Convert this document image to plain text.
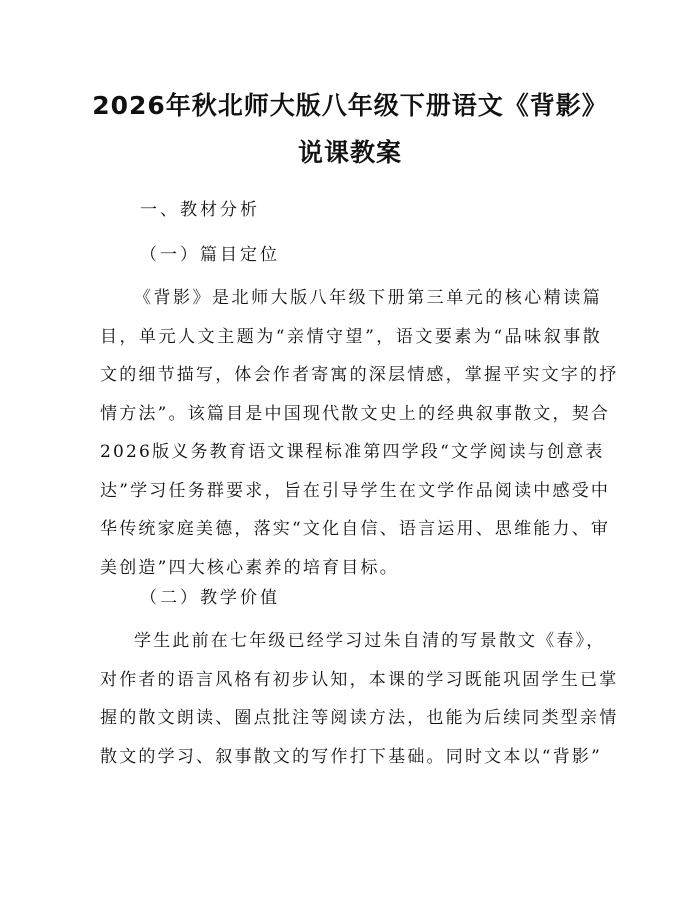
2026年秋北师大版八年级下册语文《背影》
说课教案
一、教材分析
（一）篇目定位
《背影》是北师大版八年级下册第三单元的核心精读篇
目，单元人文主题为“亲情守望”，语文要素为“品味叙事散
文的细节描写，体会作者寄寓的深层情感，掌握平实文字的抒
情方法”。该篇目是中国现代散文史上的经典叙事散文，契合
2026版义务教育语文课程标准第四学段“文学阅读与创意表
达”学习任务群要求，旨在引导学生在文学作品阅读中感受中
华传统家庭美德，落实“文化自信、语言运用、思维能力、审
美创造”四大核心素养的培育目标。
（二）教学价值
学生此前在七年级已经学习过朱自清的写景散文《春》，
对作者的语言风格有初步认知，本课的学习既能巩固学生已掌
握的散文朗读、圈点批注等阅读方法，也能为后续同类型亲情
散文的学习、叙事散文的写作打下基础。同时文本以“背影”
